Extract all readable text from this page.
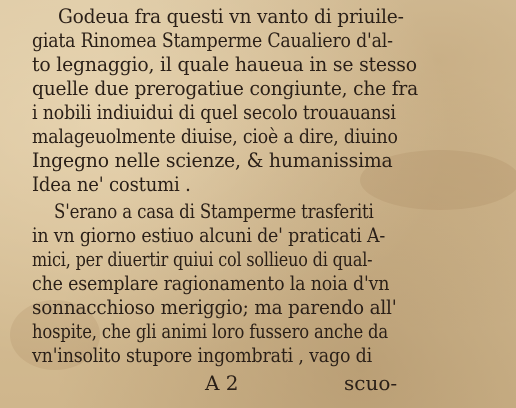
Godeua fra questi vn vanto di priuile-
giata Rinomea Stamperme Caualiero d'al-
to legnaggio, il quale haueua in se stesso
quelle due prerogatiue congiunte, che fra
i nobili indiuidui di quel secolo trouauansi
malageuolmente diuise, cioè a dire, diuino
Ingegno nelle scienze, & humanissima
Idea ne' costumi .
S'erano a casa di Stamperme trasferiti
in vn giorno estiuo alcuni de' praticati A-
mici, per diuertir quiui col sollieuo di qual-
che esemplare ragionamento la noia d'vn
sonnacchioso meriggio; ma parendo all'
hospite, che gli animi loro fussero anche da
vn'insolito stupore ingombrati , vago di
A 2	scuo-
